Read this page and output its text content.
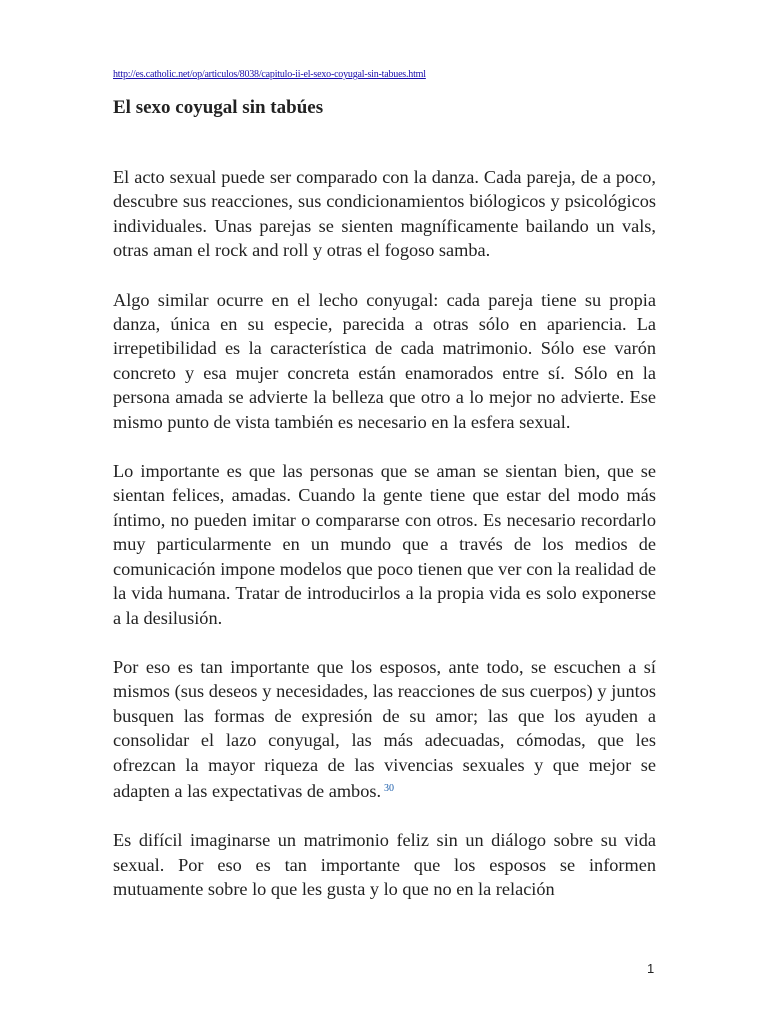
http://es.catholic.net/op/articulos/8038/capitulo-ii-el-sexo-coyugal-sin-tabues.html
El sexo coyugal sin tabúes

El acto sexual puede ser comparado con la danza. Cada pareja, de a poco, descubre sus reacciones, sus condicionamientos biólogicos y psicológicos individuales. Unas parejas se sienten magníficamente bailando un vals, otras aman el rock and roll y otras el fogoso samba.

Algo similar ocurre en el lecho conyugal: cada pareja tiene su propia danza, única en su especie, parecida a otras sólo en apariencia. La irrepetibilidad es la característica de cada matrimonio. Sólo ese varón concreto y esa mujer concreta están enamorados entre sí. Sólo en la persona amada se advierte la belleza que otro a lo mejor no advierte. Ese mismo punto de vista también es necesario en la esfera sexual.

Lo importante es que las personas que se aman se sientan bien, que se sientan felices, amadas. Cuando la gente tiene que estar del modo más íntimo, no pueden imitar o compararse con otros. Es necesario recordarlo muy particularmente en un mundo que a través de los medios de comunicación impone modelos que poco tienen que ver con la realidad de la vida humana. Tratar de introducirlos a la propia vida es solo exponerse a la desilusión.

Por eso es tan importante que los esposos, ante todo, se escuchen a sí mismos (sus deseos y necesidades, las reacciones de sus cuerpos) y juntos busquen las formas de expresión de su amor; las que los ayuden a consolidar el lazo conyugal, las más adecuadas, cómodas, que les ofrezcan la mayor riqueza de las vivencias sexuales y que mejor se adapten a las expectativas de ambos. $^{30}$

Es difícil imaginarse un matrimonio feliz sin un diálogo sobre su vida sexual. Por eso es tan importante que los esposos se informen mutuamente sobre lo que les gusta y lo que no en la relación

1
